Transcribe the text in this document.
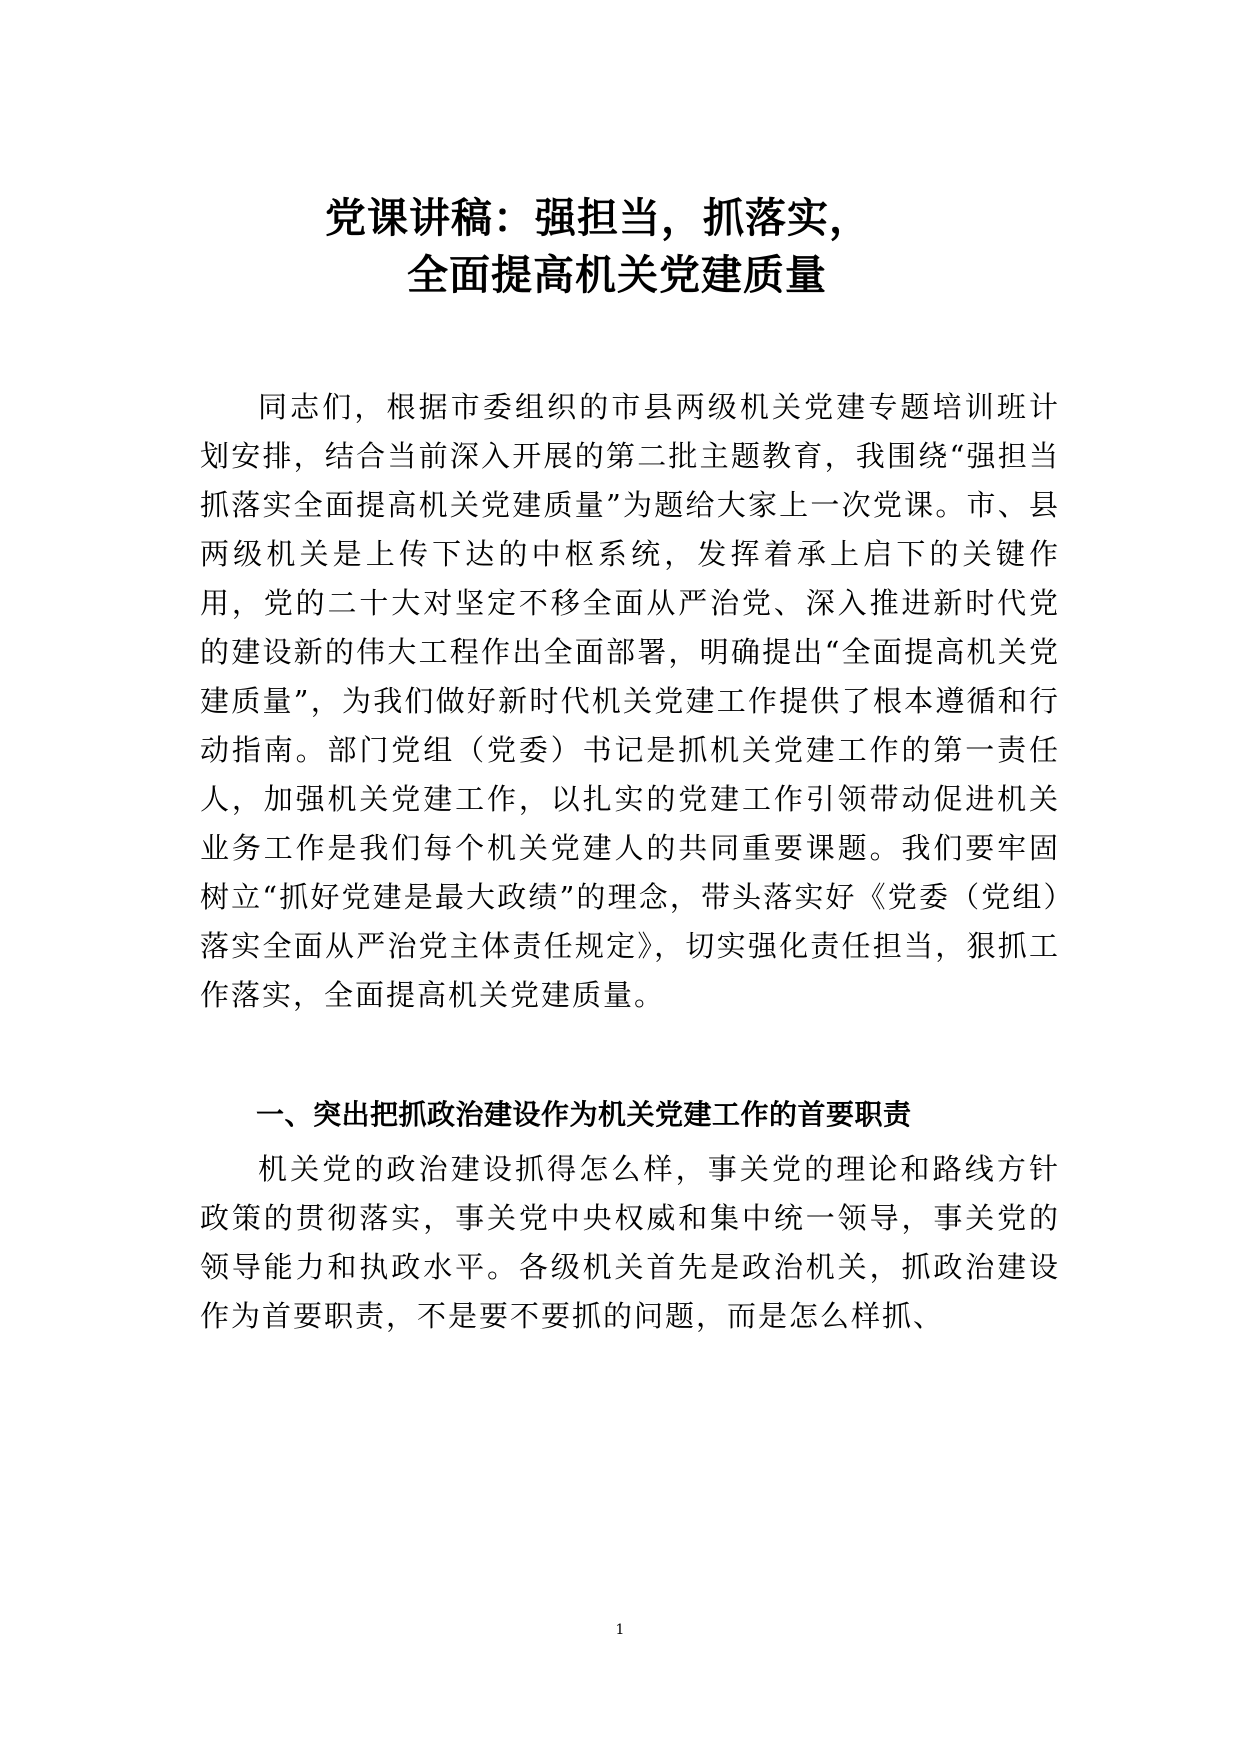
党课讲稿：强担当，抓落实，
全面提高机关党建质量
同志们，根据市委组织的市县两级机关党建专题培训班计划安排，结合当前深入开展的第二批主题教育，我围绕“强担当抓落实全面提高机关党建质量”为题给大家上一次党课。市、县两级机关是上传下达的中枢系统，发挥着承上启下的关键作用，党的二十大对坚定不移全面从严治党、深入推进新时代党的建设新的伟大工程作出全面部署，明确提出“全面提高机关党建质量”，为我们做好新时代机关党建工作提供了根本遵循和行动指南。部门党组（党委）书记是抓机关党建工作的第一责任人，加强机关党建工作，以扎实的党建工作引领带动促进机关业务工作是我们每个机关党建人的共同重要课题。我们要牢固树立“抓好党建是最大政绩”的理念，带头落实好《党委（党组）落实全面从严治党主体责任规定》，切实强化责任担当，狠抓工作落实，全面提高机关党建质量。
一、突出把抓政治建设作为机关党建工作的首要职责
机关党的政治建设抓得怎么样，事关党的理论和路线方针政策的贯彻落实，事关党中央权威和集中统一领导，事关党的领导能力和执政水平。各级机关首先是政治机关，抓政治建设作为首要职责，不是要不要抓的问题，而是怎么样抓、
1
